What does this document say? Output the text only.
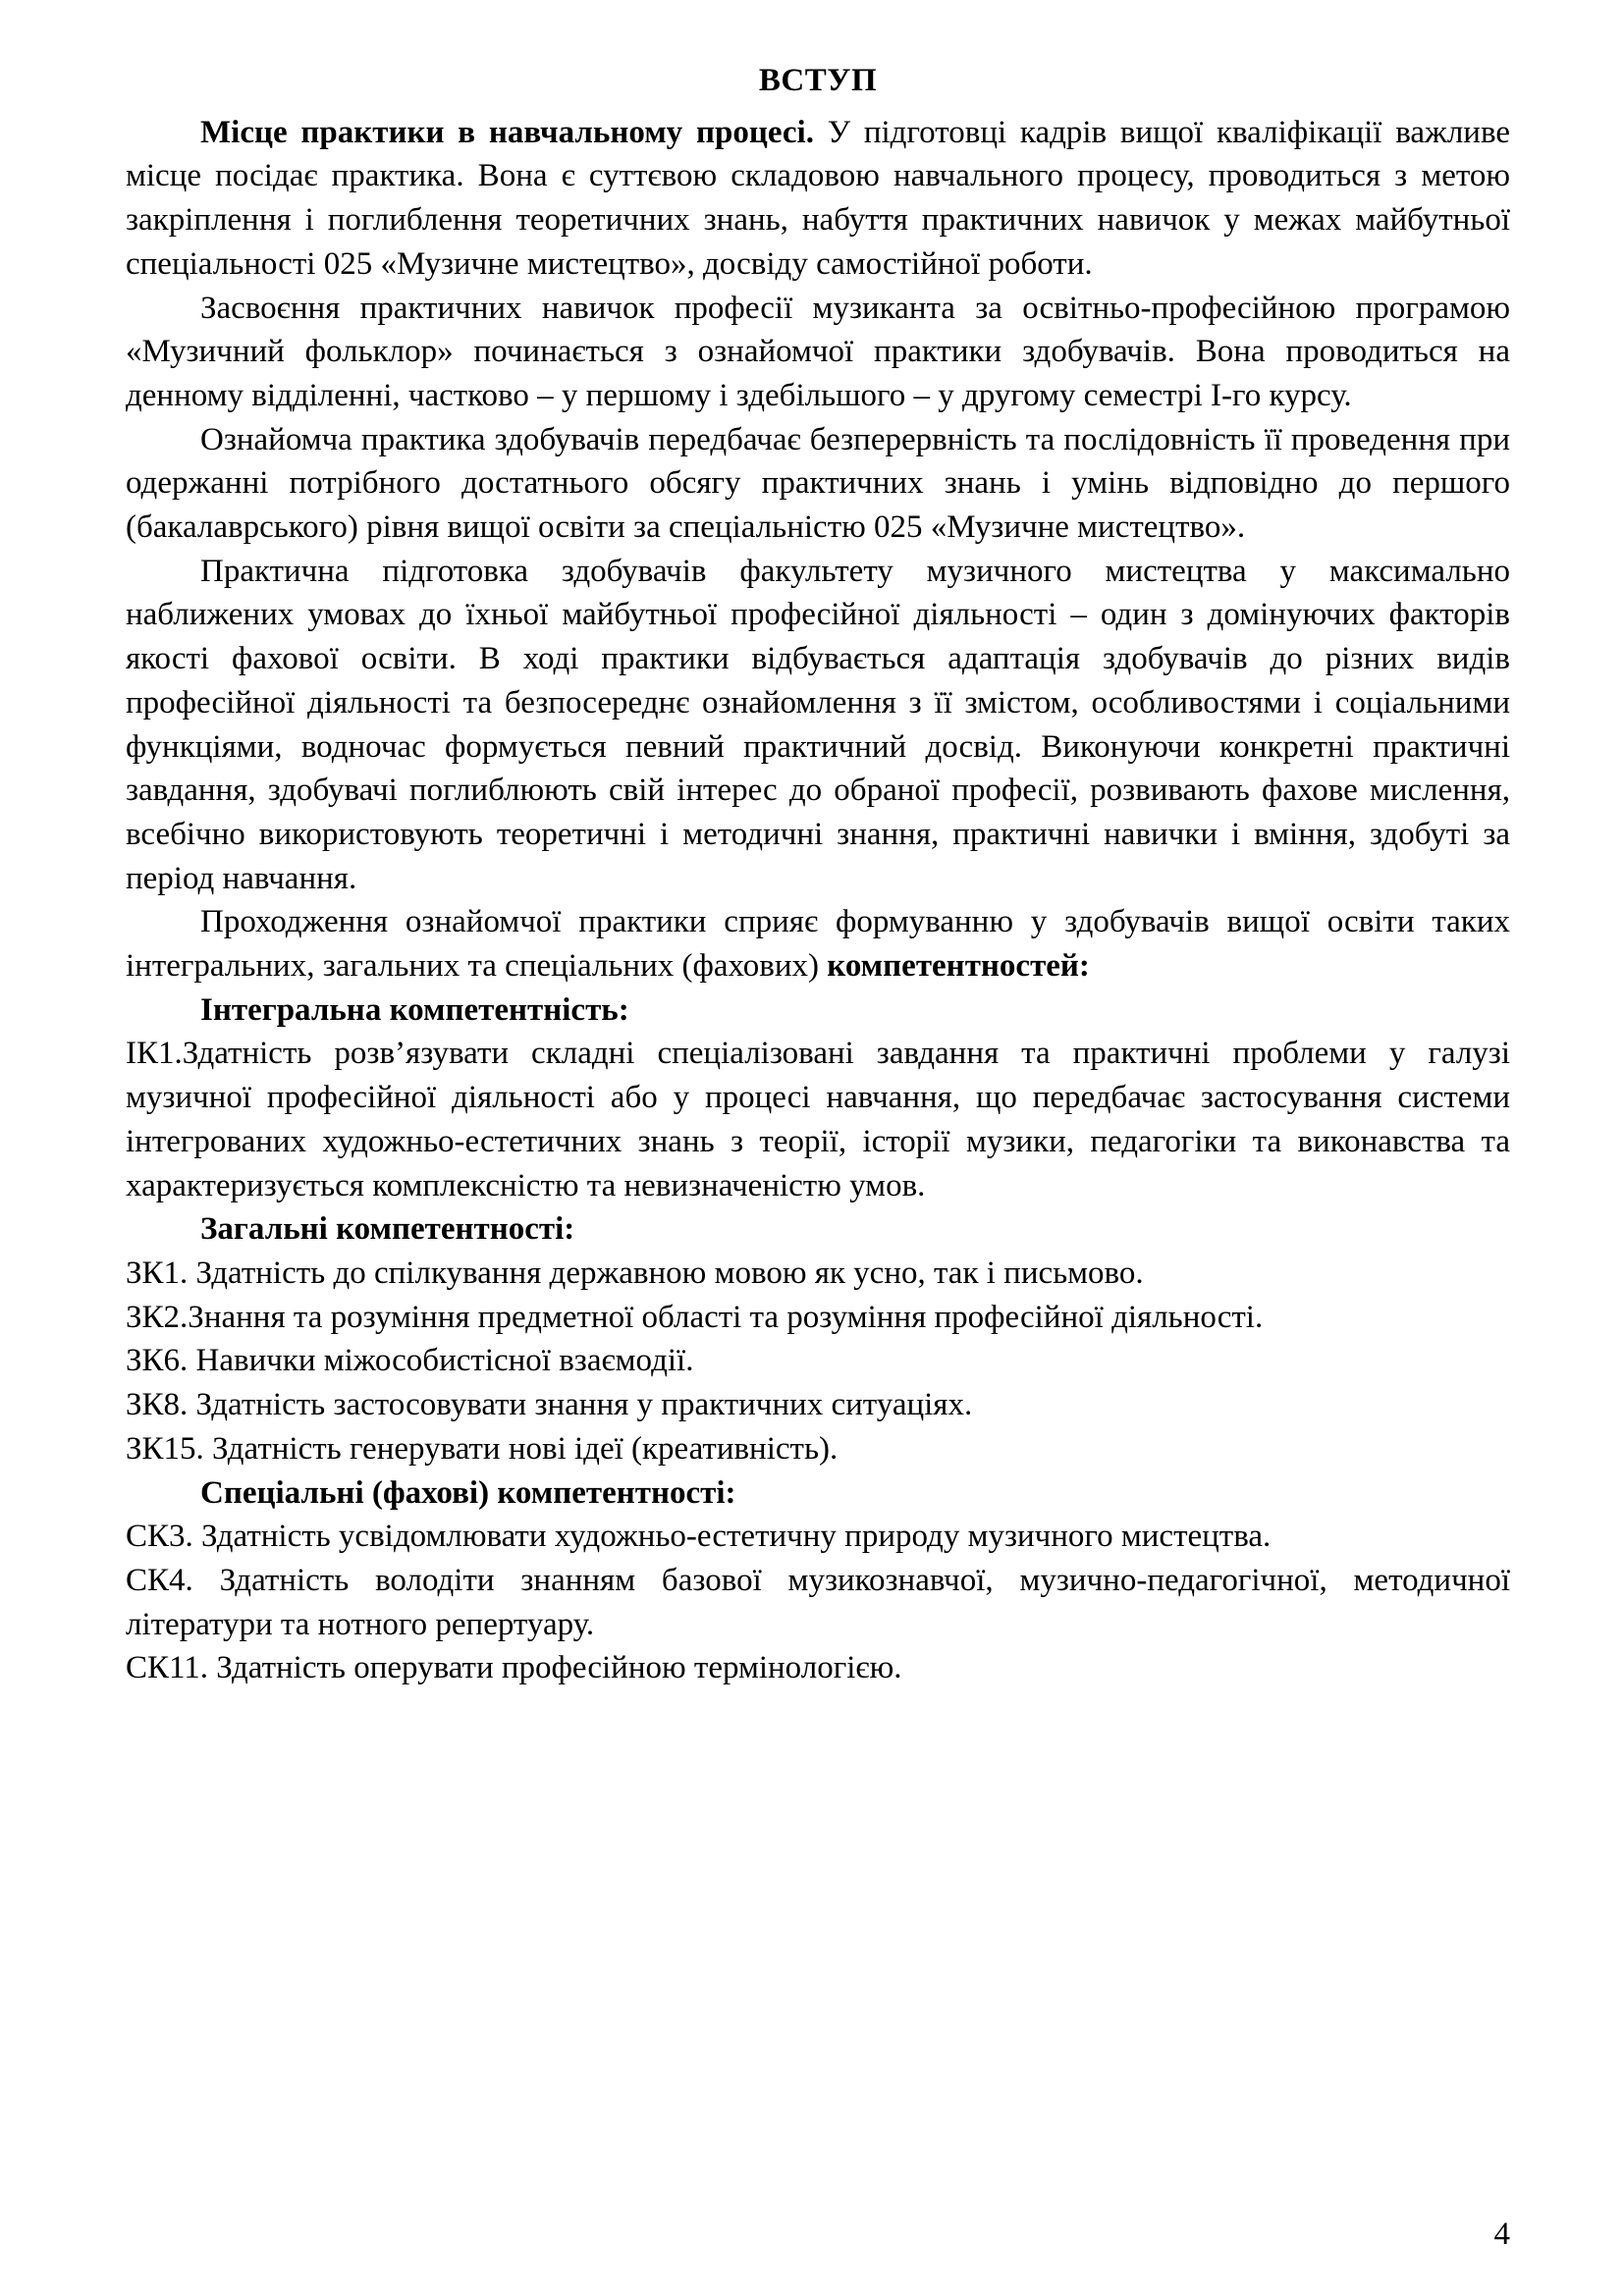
ВСТУП

Місце практики в навчальному процесі. У підготовці кадрів вищої кваліфікації важливе місце посідає практика. Вона є суттєвою складовою навчального процесу, проводиться з метою закріплення і поглиблення теоретичних знань, набуття практичних навичок у межах майбутньої спеціальності 025 «Музичне мистецтво», досвіду самостійної роботи.

Засвоєння практичних навичок професії музиканта за освітньо-професійною програмою «Музичний фольклор» починається з ознайомчої практики здобувачів. Вона проводиться на денному відділенні, частково – у першому і здебільшого – у другому семестрі І-го курсу.

Ознайомча практика здобувачів передбачає безперервність та послідовність її проведення при одержанні потрібного достатнього обсягу практичних знань і умінь відповідно до першого (бакалаврського) рівня вищої освіти за спеціальністю 025 «Музичне мистецтво».

Практична підготовка здобувачів факультету музичного мистецтва у максимально наближених умовах до їхньої майбутньої професійної діяльності – один з домінуючих факторів якості фахової освіти. В ході практики відбувається адаптація здобувачів до різних видів професійної діяльності та безпосереднє ознайомлення з її змістом, особливостями і соціальними функціями, водночас формується певний практичний досвід. Виконуючи конкретні практичні завдання, здобувачі поглиблюють свій інтерес до обраної професії, розвивають фахове мислення, всебічно використовують теоретичні і методичні знання, практичні навички і вміння, здобуті за період навчання.

Проходження ознайомчої практики сприяє формуванню у здобувачів вищої освіти таких інтегральних, загальних та спеціальних (фахових) компетентностей:

Інтегральна компетентність:

ІК1.Здатність розв’язувати складні спеціалізовані завдання та практичні проблеми у галузі музичної професійної діяльності або у процесі навчання, що передбачає застосування системи інтегрованих художньо-естетичних знань з теорії, історії музики, педагогіки та виконавства та характеризується комплексністю та невизначеністю умов.

Загальні компетентності:

ЗК1. Здатність до спілкування державною мовою як усно, так і письмово.

ЗК2.Знання та розуміння предметної області та розуміння професійної діяльності.

ЗК6. Навички міжособистісної взаємодії.

ЗК8. Здатність застосовувати знання у практичних ситуаціях.

ЗК15. Здатність генерувати нові ідеї (креативність).

Спеціальні (фахові) компетентності:

СК3. Здатність усвідомлювати художньо-естетичну природу музичного мистецтва.

СК4. Здатність володіти знанням базової музикознавчої, музично-педагогічної, методичної літератури та нотного репертуару.

СК11. Здатність оперувати професійною термінологією.

4
